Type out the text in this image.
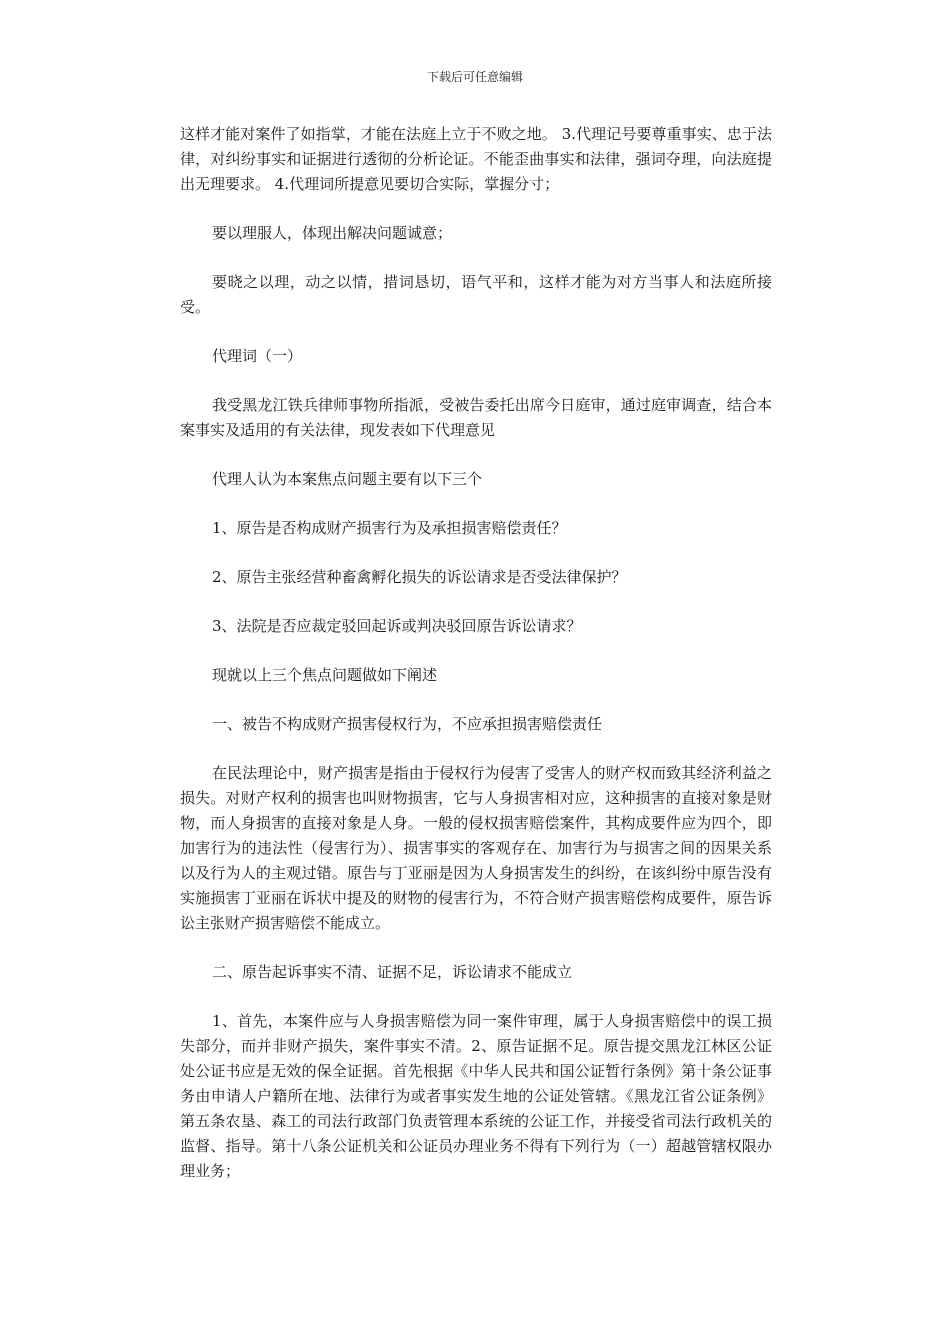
下载后可任意编辑

这样才能对案件了如指掌，才能在法庭上立于不败之地。 3.代理记号要尊重事实、忠于法律，对纠纷事实和证据进行透彻的分析论证。不能歪曲事实和法律，强词夺理，向法庭提出无理要求。 4.代理词所提意见要切合实际，掌握分寸；

要以理服人，体现出解决问题诚意；

要晓之以理，动之以情，措词恳切，语气平和，这样才能为对方当事人和法庭所接受。

代理词（一）

我受黑龙江铁兵律师事物所指派，受被告委托出席今日庭审，通过庭审调查，结合本案事实及适用的有关法律，现发表如下代理意见

代理人认为本案焦点问题主要有以下三个

1、原告是否构成财产损害行为及承担损害赔偿责任？

2、原告主张经营种畜禽孵化损失的诉讼请求是否受法律保护？

3、法院是否应裁定驳回起诉或判决驳回原告诉讼请求？

现就以上三个焦点问题做如下阐述

一、被告不构成财产损害侵权行为，不应承担损害赔偿责任

在民法理论中，财产损害是指由于侵权行为侵害了受害人的财产权而致其经济利益之损失。对财产权利的损害也叫财物损害，它与人身损害相对应，这种损害的直接对象是财物，而人身损害的直接对象是人身。一般的侵权损害赔偿案件，其构成要件应为四个，即加害行为的违法性（侵害行为）、损害事实的客观存在、加害行为与损害之间的因果关系以及行为人的主观过错。原告与丁亚丽是因为人身损害发生的纠纷，在该纠纷中原告没有实施损害丁亚丽在诉状中提及的财物的侵害行为，不符合财产损害赔偿构成要件，原告诉讼主张财产损害赔偿不能成立。

二、原告起诉事实不清、证据不足，诉讼请求不能成立

1、首先，本案件应与人身损害赔偿为同一案件审理，属于人身损害赔偿中的误工损失部分，而并非财产损失，案件事实不清。2、原告证据不足。原告提交黑龙江林区公证处公证书应是无效的保全证据。首先根据《中华人民共和国公证暂行条例》第十条公证事务由申请人户籍所在地、法律行为或者事实发生地的公证处管辖。《黑龙江省公证条例》第五条农垦、森工的司法行政部门负责管理本系统的公证工作，并接受省司法行政机关的监督、指导。第十八条公证机关和公证员办理业务不得有下列行为（一）超越管辖权限办理业务；
